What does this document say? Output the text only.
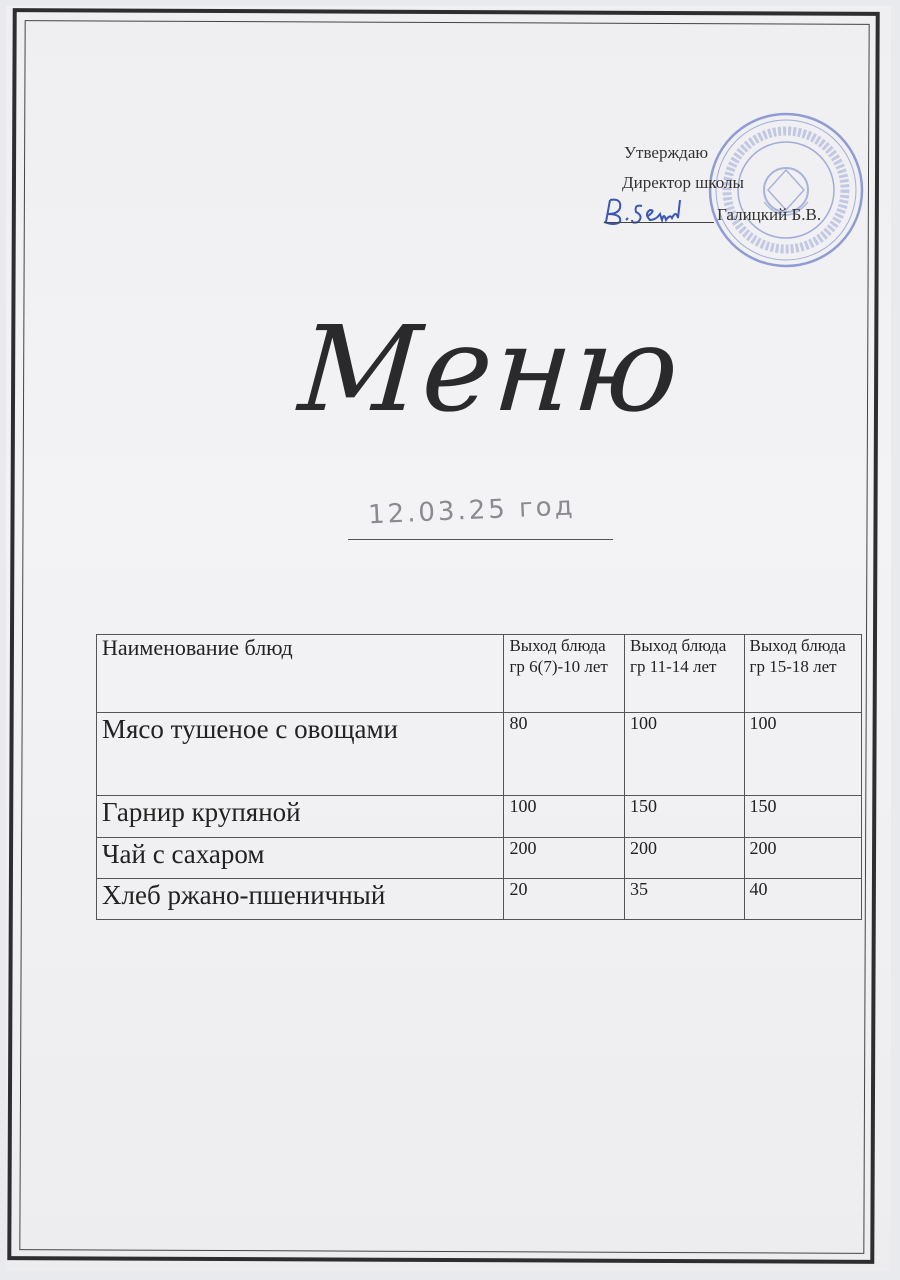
Утверждаю
Директор школы
Галицкий Б.В.
Меню
12.03.25 год
Наименование блюд	Выход блюда гр 6(7)-10 лет	Выход блюда гр 11-14 лет	Выход блюда гр 15-18 лет
Мясо тушеное с овощами	80	100	100
Гарнир крупяной	100	150	150
Чай с сахаром	200	200	200
Хлеб ржано-пшеничный	20	35	40
